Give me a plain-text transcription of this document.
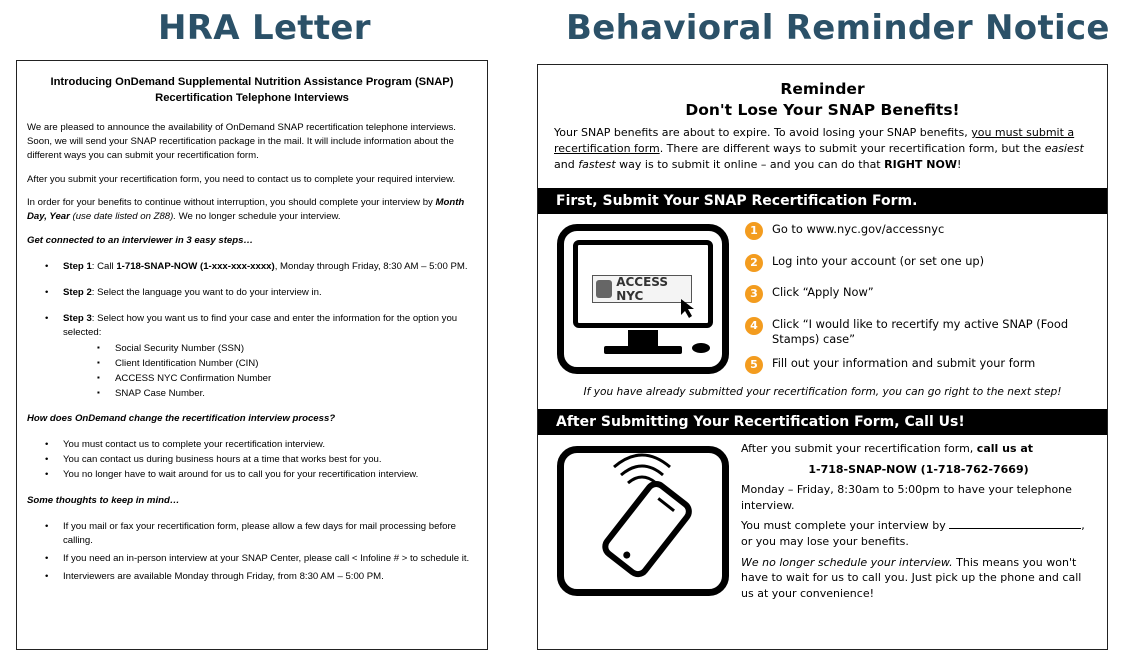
HRA Letter	Behavioral Reminder Notice
Introducing OnDemand Supplemental Nutrition Assistance Program (SNAP)
Recertification Telephone Interviews

We are pleased to announce the availability of OnDemand SNAP recertification telephone interviews. Soon, we will send your SNAP recertification package in the mail. It will include information about the different ways you can submit your recertification form.

After you submit your recertification form, you need to contact us to complete your required interview.

In order for your benefits to continue without interruption, you should complete your interview by Month Day, Year (use date listed on Z88). We no longer schedule your interview.

Get connected to an interviewer in 3 easy steps…
• Step 1: Call 1-718-SNAP-NOW (1-xxx-xxx-xxxx), Monday through Friday, 8:30 AM – 5:00 PM.
• Step 2: Select the language you want to do your interview in.
• Step 3: Select how you want us to find your case and enter the information for the option you selected:
▪ Social Security Number (SSN)
▪ Client Identification Number (CIN)
▪ ACCESS NYC Confirmation Number
▪ SNAP Case Number.
How does OnDemand change the recertification interview process?
• You must contact us to complete your recertification interview.
• You can contact us during business hours at a time that works best for you.
• You no longer have to wait around for us to call you for your recertification interview.
Some thoughts to keep in mind…
• If you mail or fax your recertification form, please allow a few days for mail processing before calling.
• If you need an in-person interview at your SNAP Center, please call < Infoline # > to schedule it.
• Interviewers are available Monday through Friday, from 8:30 AM – 5:00 PM.
Reminder
Don't Lose Your SNAP Benefits!
Your SNAP benefits are about to expire. To avoid losing your SNAP benefits, you must submit a recertification form. There are different ways to submit your recertification form, but the easiest and fastest way is to submit it online – and you can do that RIGHT NOW!
First, Submit Your SNAP Recertification Form.
ACCESS NYC
1	Go to www.nyc.gov/accessnyc
2	Log into your account (or set one up)
3	Click “Apply Now”
4	Click “I would like to recertify my active SNAP (Food Stamps) case”
5	Fill out your information and submit your form
If you have already submitted your recertification form, you can go right to the next step!
After Submitting Your Recertification Form, Call Us!

After you submit your recertification form, call us at

1-718-SNAP-NOW (1-718-762-7669)

Monday – Friday, 8:30am to 5:00pm to have your telephone interview.

You must complete your interview by	, or you may lose your benefits.

We no longer schedule your interview. This means you won't have to wait for us to call you. Just pick up the phone and call us at your convenience!
